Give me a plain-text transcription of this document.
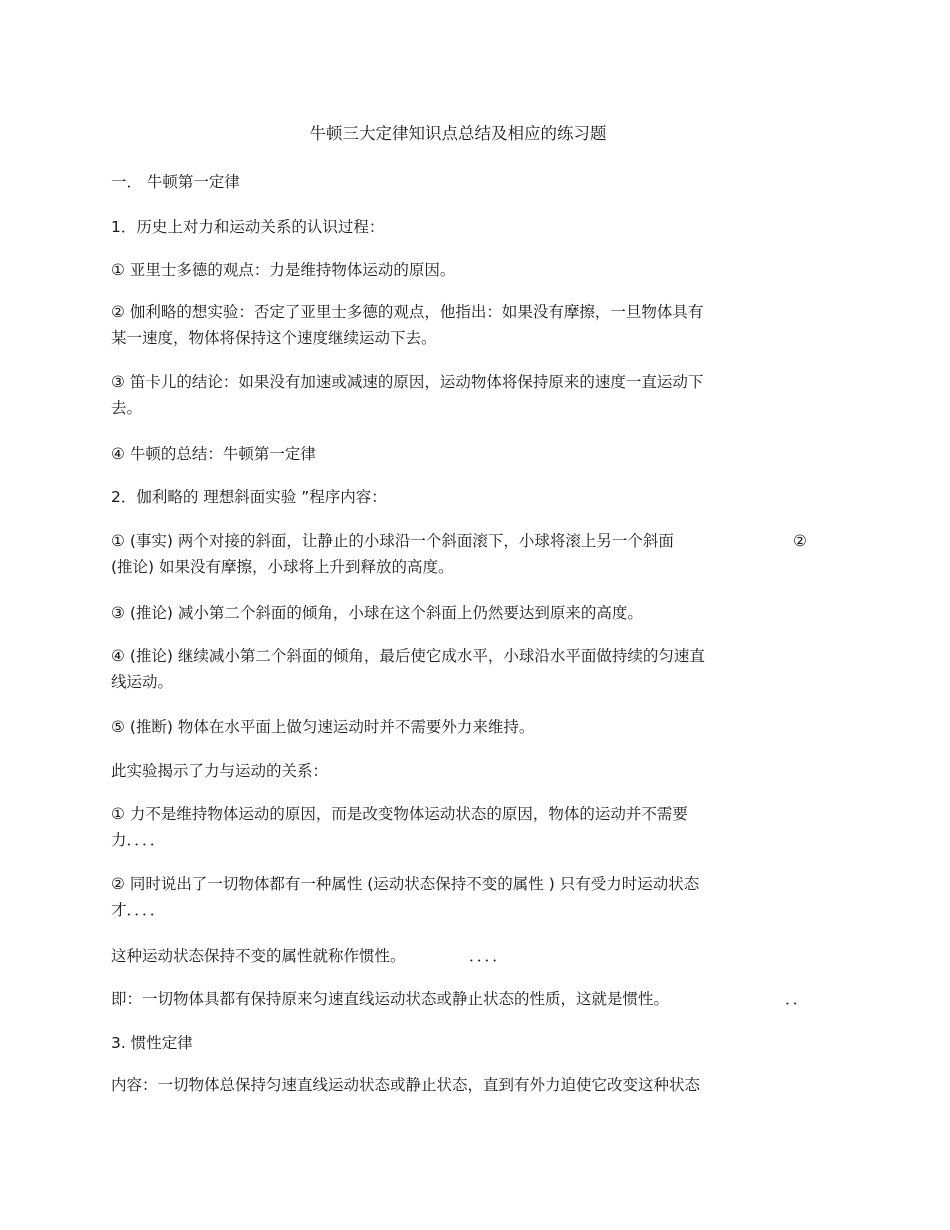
牛顿三大定律知识点总结及相应的练习题
一． 牛顿第一定律
1．历史上对力和运动关系的认识过程：
① 亚里士多德的观点：力是维持物体运动的原因。
② 伽利略的想实验：否定了亚里士多德的观点，他指出：如果没有摩擦，一旦物体具有
某一速度，物体将保持这个速度继续运动下去。
③ 笛卡儿的结论：如果没有加速或减速的原因，运动物体将保持原来的速度一直运动下
去。
④ 牛顿的总结：牛顿第一定律
2．伽利略的 理想斜面实验 ”程序内容：
① (事实) 两个对接的斜面，让静止的小球沿一个斜面滚下，小球将滚上另一个斜面	②
(推论) 如果没有摩擦，小球将上升到释放的高度。
③ (推论) 减小第二个斜面的倾角，小球在这个斜面上仍然要达到原来的高度。
④ (推论) 继续减小第二个斜面的倾角，最后使它成水平，小球沿水平面做持续的匀速直
线运动。
⑤ (推断) 物体在水平面上做匀速运动时并不需要外力来维持。
此实验揭示了力与运动的关系：
① 力不是维持物体运动的原因，而是改变物体运动状态的原因，物体的运动并不需要
力．．．．
② 同时说出了一切物体都有一种属性 (运动状态保持不变的属性 ) 只有受力时运动状态
才．．．．
这种运动状态保持不变的属性就称作惯性。	．．．．
即：一切物体具都有保持原来匀速直线运动状态或静止状态的性质，这就是惯性。	．．
3. 惯性定律
内容：一切物体总保持匀速直线运动状态或静止状态，直到有外力迫使它改变这种状态
